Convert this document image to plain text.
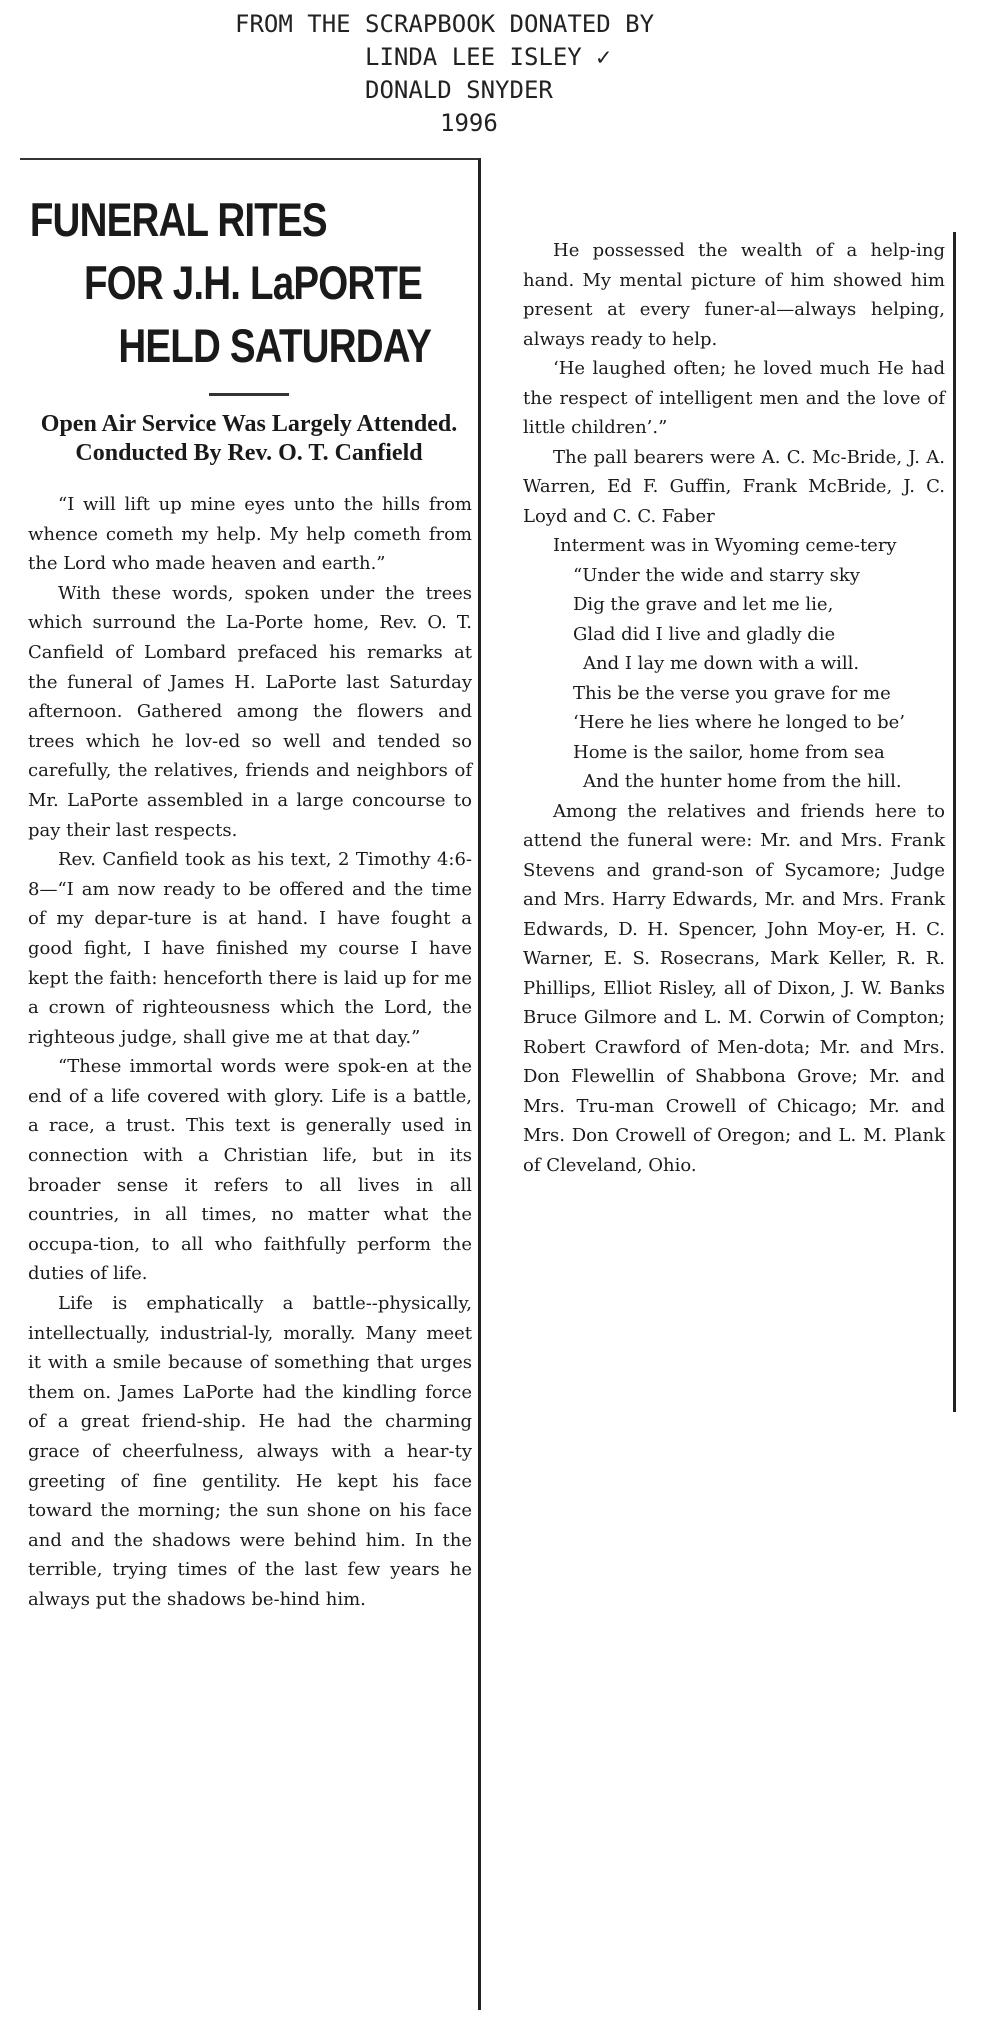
FROM THE SCRAPBOOK DONATED BY
LINDA LEE ISLEY ✓
DONALD SNYDER
1996
FUNERAL RITES
FOR J.H. LaPORTE
HELD SATURDAY
Open Air Service Was Largely Attended. Conducted By Rev. O. T. Canfield

“I will lift up mine eyes unto the hills from whence cometh my help. My help cometh from the Lord who made heaven and earth.”

With these words, spoken under the trees which surround the La-Porte home, Rev. O. T. Canfield of Lombard prefaced his remarks at the funeral of James H. LaPorte last Saturday afternoon. Gathered among the flowers and trees which he lov-ed so well and tended so carefully, the relatives, friends and neighbors of Mr. LaPorte assembled in a large concourse to pay their last respects.

Rev. Canfield took as his text, 2 Timothy 4:6-8—“I am now ready to be offered and the time of my depar-ture is at hand. I have fought a good fight, I have finished my course I have kept the faith: henceforth there is laid up for me a crown of righteousness which the Lord, the righteous judge, shall give me at that day.”

“These immortal words were spok-en at the end of a life covered with glory. Life is a battle, a race, a trust. This text is generally used in connection with a Christian life, but in its broader sense it refers to all lives in all countries, in all times, no matter what the occupa-tion, to all who faithfully perform the duties of life.

Life is emphatically a battle--physically, intellectually, industrial-ly, morally. Many meet it with a smile because of something that urges them on. James LaPorte had the kindling force of a great friend-ship. He had the charming grace of cheerfulness, always with a hear-ty greeting of fine gentility. He kept his face toward the morning; the sun shone on his face and and the shadows were behind him. In the terrible, trying times of the last few years he always put the shadows be-hind him.

He possessed the wealth of a help-ing hand. My mental picture of him showed him present at every funer-al—always helping, always ready to help.

‘He laughed often; he loved much He had the respect of intelligent men and the love of little children’.”

The pall bearers were A. C. Mc-Bride, J. A. Warren, Ed F. Guffin, Frank McBride, J. C. Loyd and C. C. Faber

Interment was in Wyoming ceme-tery

“Under the wide and starry sky

Dig the grave and let me lie,

Glad did I live and gladly die

And I lay me down with a will.

This be the verse you grave for me

‘Here he lies where he longed to be’

Home is the sailor, home from sea

And the hunter home from the hill.

Among the relatives and friends here to attend the funeral were: Mr. and Mrs. Frank Stevens and grand-son of Sycamore; Judge and Mrs. Harry Edwards, Mr. and Mrs. Frank Edwards, D. H. Spencer, John Moy-er, H. C. Warner, E. S. Rosecrans, Mark Keller, R. R. Phillips, Elliot Risley, all of Dixon, J. W. Banks Bruce Gilmore and L. M. Corwin of Compton; Robert Crawford of Men-dota; Mr. and Mrs. Don Flewellin of Shabbona Grove; Mr. and Mrs. Tru-man Crowell of Chicago; Mr. and Mrs. Don Crowell of Oregon; and L. M. Plank of Cleveland, Ohio.
